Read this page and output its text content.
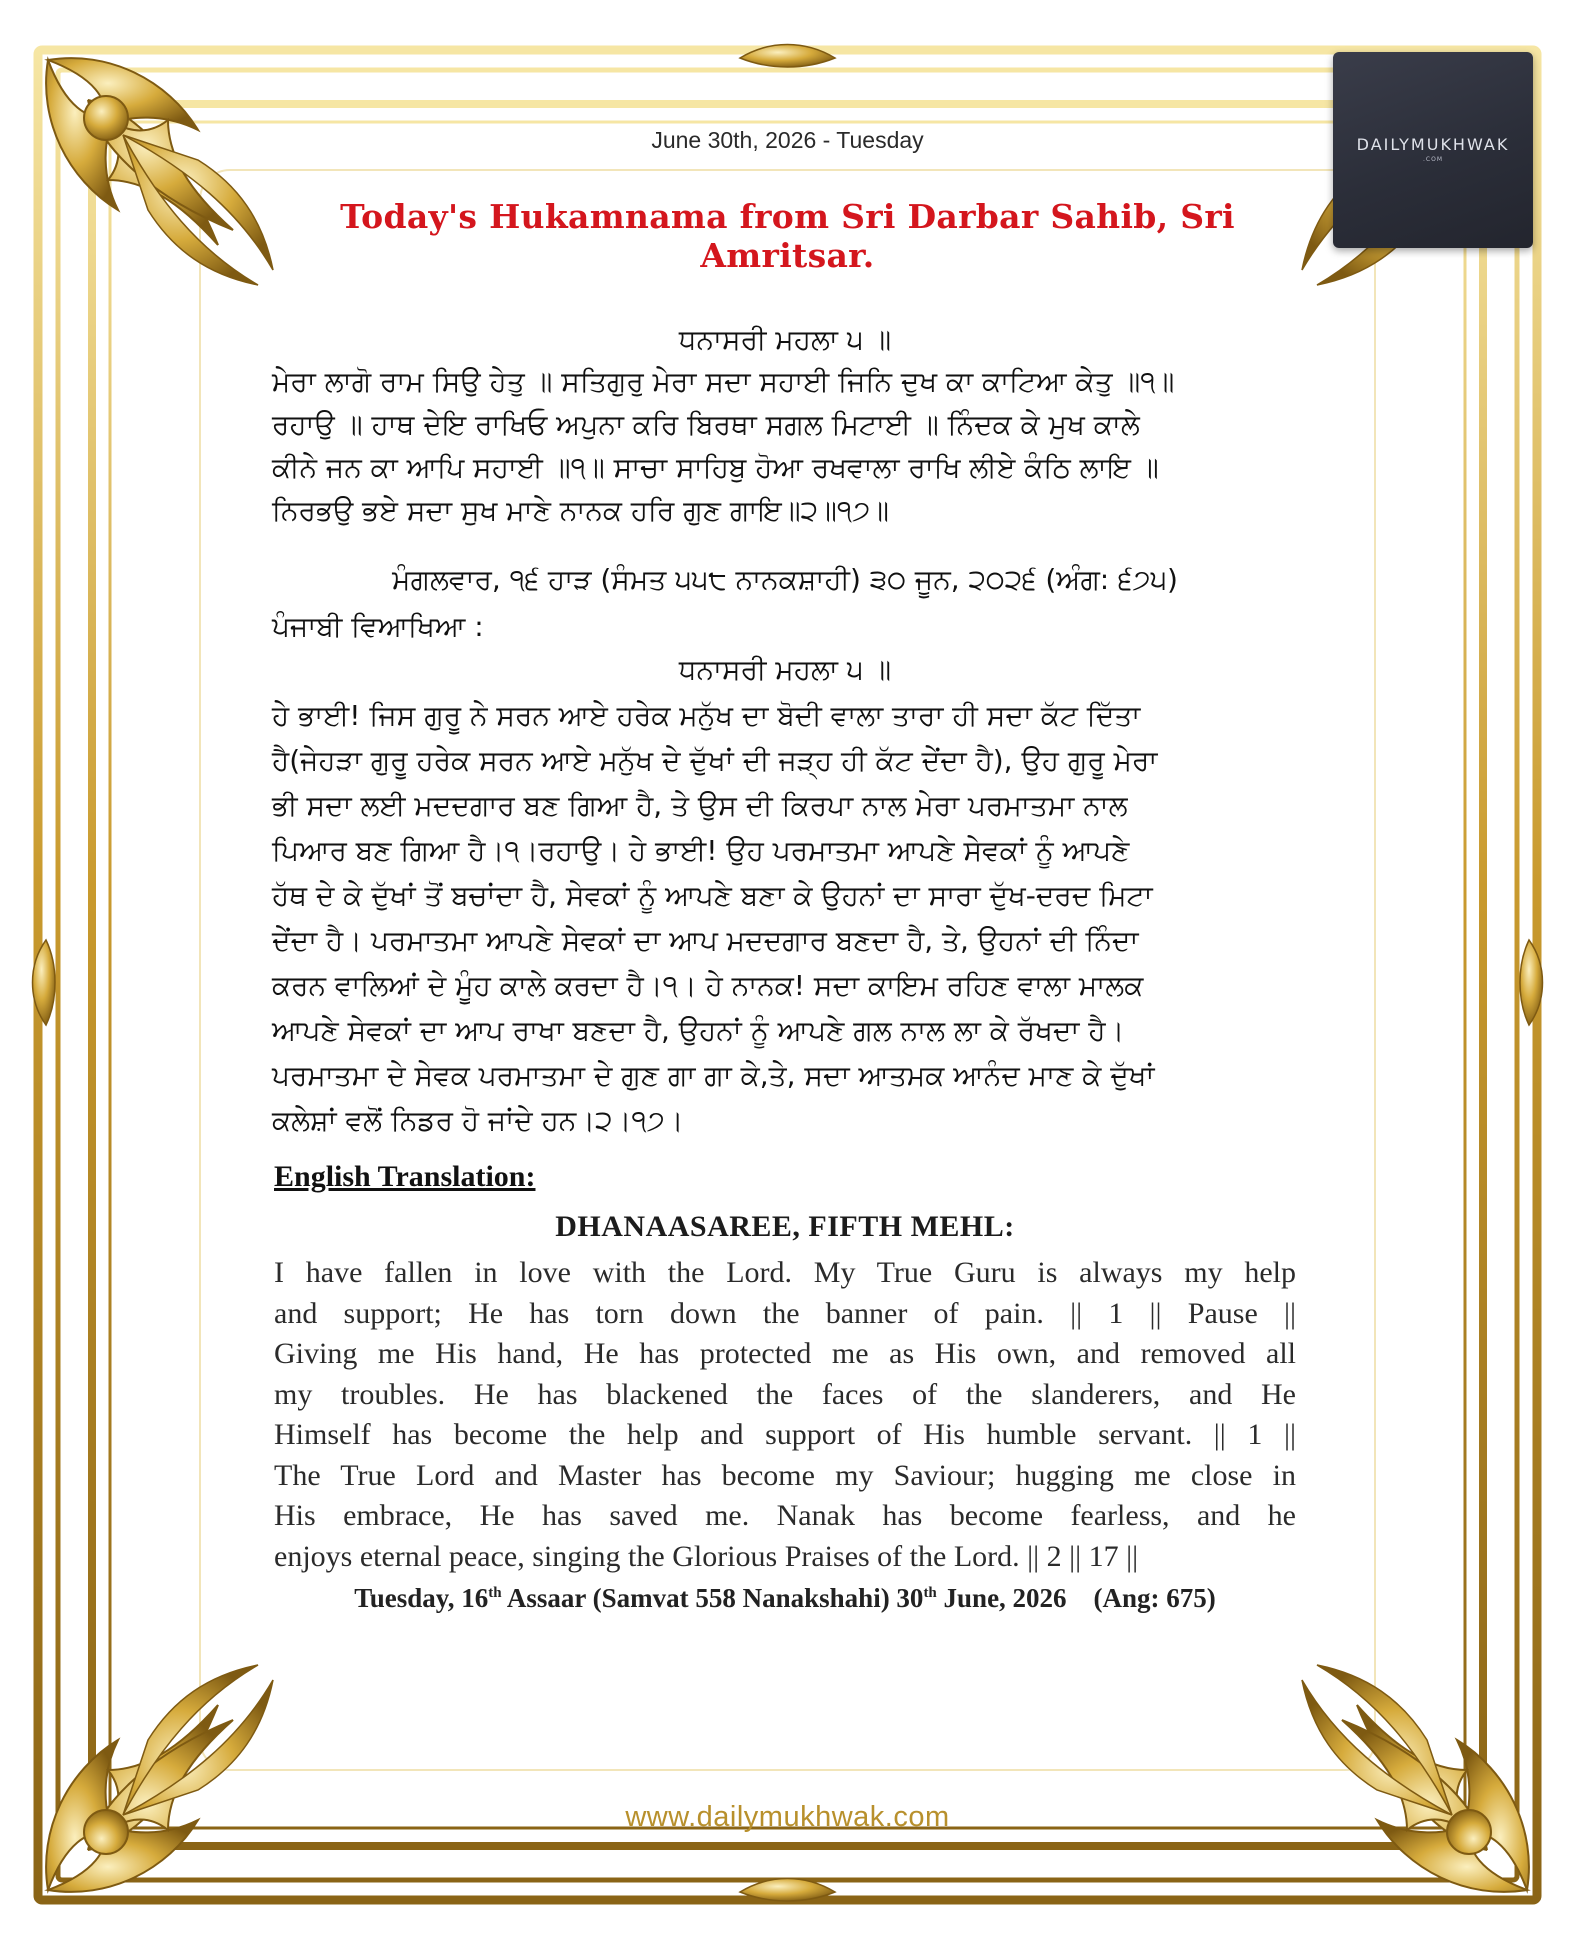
DAILYMUKHWAK
.COM
June 30th, 2026 - Tuesday
Today's Hukamnama from Sri Darbar Sahib, Sri Amritsar.
ਧਨਾਸਰੀ ਮਹਲਾ ੫ ॥
ਮੇਰਾ ਲਾਗੋ ਰਾਮ ਸਿਉ ਹੇਤੁ ॥ ਸਤਿਗੁਰੁ ਮੇਰਾ ਸਦਾ ਸਹਾਈ ਜਿਨਿ ਦੁਖ ਕਾ ਕਾਟਿਆ ਕੇਤੁ ॥੧॥
ਰਹਾਉ ॥ ਹਾਥ ਦੇਇ ਰਾਖਿਓ ਅਪੁਨਾ ਕਰਿ ਬਿਰਥਾ ਸਗਲ ਮਿਟਾਈ ॥ ਨਿੰਦਕ ਕੇ ਮੁਖ ਕਾਲੇ
ਕੀਨੇ ਜਨ ਕਾ ਆਪਿ ਸਹਾਈ ॥੧॥ ਸਾਚਾ ਸਾਹਿਬੁ ਹੋਆ ਰਖਵਾਲਾ ਰਾਖਿ ਲੀਏ ਕੰਠਿ ਲਾਇ ॥
ਨਿਰਭਉ ਭਏ ਸਦਾ ਸੁਖ ਮਾਣੇ ਨਾਨਕ ਹਰਿ ਗੁਣ ਗਾਇ॥੨॥੧੭॥
ਮੰਗਲਵਾਰ, ੧੬ ਹਾੜ (ਸੰਮਤ ੫੫੮ ਨਾਨਕਸ਼ਾਹੀ) ੩੦ ਜੂਨ, ੨੦੨੬ (ਅੰਗ: ੬੭੫)
ਪੰਜਾਬੀ ਵਿਆਖਿਆ :
ਧਨਾਸਰੀ ਮਹਲਾ ੫ ॥
ਹੇ ਭਾਈ! ਜਿਸ ਗੁਰੂ ਨੇ ਸਰਨ ਆਏ ਹਰੇਕ ਮਨੁੱਖ ਦਾ ਬੋਦੀ ਵਾਲਾ ਤਾਰਾ ਹੀ ਸਦਾ ਕੱਟ ਦਿੱਤਾ
ਹੈ(ਜੇਹੜਾ ਗੁਰੂ ਹਰੇਕ ਸਰਨ ਆਏ ਮਨੁੱਖ ਦੇ ਦੁੱਖਾਂ ਦੀ ਜੜ੍ਹ ਹੀ ਕੱਟ ਦੇਂਦਾ ਹੈ), ਉਹ ਗੁਰੂ ਮੇਰਾ
ਭੀ ਸਦਾ ਲਈ ਮਦਦਗਾਰ ਬਣ ਗਿਆ ਹੈ, ਤੇ ਉਸ ਦੀ ਕਿਰਪਾ ਨਾਲ ਮੇਰਾ ਪਰਮਾਤਮਾ ਨਾਲ
ਪਿਆਰ ਬਣ ਗਿਆ ਹੈ।੧।ਰਹਾਉ। ਹੇ ਭਾਈ! ਉਹ ਪਰਮਾਤਮਾ ਆਪਣੇ ਸੇਵਕਾਂ ਨੂੰ ਆਪਣੇ
ਹੱਥ ਦੇ ਕੇ ਦੁੱਖਾਂ ਤੋਂ ਬਚਾਂਦਾ ਹੈ, ਸੇਵਕਾਂ ਨੂੰ ਆਪਣੇ ਬਣਾ ਕੇ ਉਹਨਾਂ ਦਾ ਸਾਰਾ ਦੁੱਖ-ਦਰਦ ਮਿਟਾ
ਦੇਂਦਾ ਹੈ। ਪਰਮਾਤਮਾ ਆਪਣੇ ਸੇਵਕਾਂ ਦਾ ਆਪ ਮਦਦਗਾਰ ਬਣਦਾ ਹੈ, ਤੇ, ਉਹਨਾਂ ਦੀ ਨਿੰਦਾ
ਕਰਨ ਵਾਲਿਆਂ ਦੇ ਮੂੰਹ ਕਾਲੇ ਕਰਦਾ ਹੈ।੧। ਹੇ ਨਾਨਕ! ਸਦਾ ਕਾਇਮ ਰਹਿਣ ਵਾਲਾ ਮਾਲਕ
ਆਪਣੇ ਸੇਵਕਾਂ ਦਾ ਆਪ ਰਾਖਾ ਬਣਦਾ ਹੈ, ਉਹਨਾਂ ਨੂੰ ਆਪਣੇ ਗਲ ਨਾਲ ਲਾ ਕੇ ਰੱਖਦਾ ਹੈ।
ਪਰਮਾਤਮਾ ਦੇ ਸੇਵਕ ਪਰਮਾਤਮਾ ਦੇ ਗੁਣ ਗਾ ਗਾ ਕੇ,ਤੇ, ਸਦਾ ਆਤਮਕ ਆਨੰਦ ਮਾਣ ਕੇ ਦੁੱਖਾਂ
ਕਲੇਸ਼ਾਂ ਵਲੋਂ ਨਿਡਰ ਹੋ ਜਾਂਦੇ ਹਨ।੨।੧੭।
English Translation:
DHANAASAREE, FIFTH MEHL:
I have fallen in love with the Lord. My True Guru is always my help
and support; He has torn down the banner of pain. || 1 || Pause ||
Giving me His hand, He has protected me as His own, and removed all
my troubles. He has blackened the faces of the slanderers, and He
Himself has become the help and support of His humble servant. || 1 ||
The True Lord and Master has become my Saviour; hugging me close in
His embrace, He has saved me. Nanak has become fearless, and he
enjoys eternal peace, singing the Glorious Praises of the Lord. || 2 || 17 ||
Tuesday, 16th Assaar (Samvat 558 Nanakshahi) 30th June, 2026    (Ang: 675)
www.dailymukhwak.com
